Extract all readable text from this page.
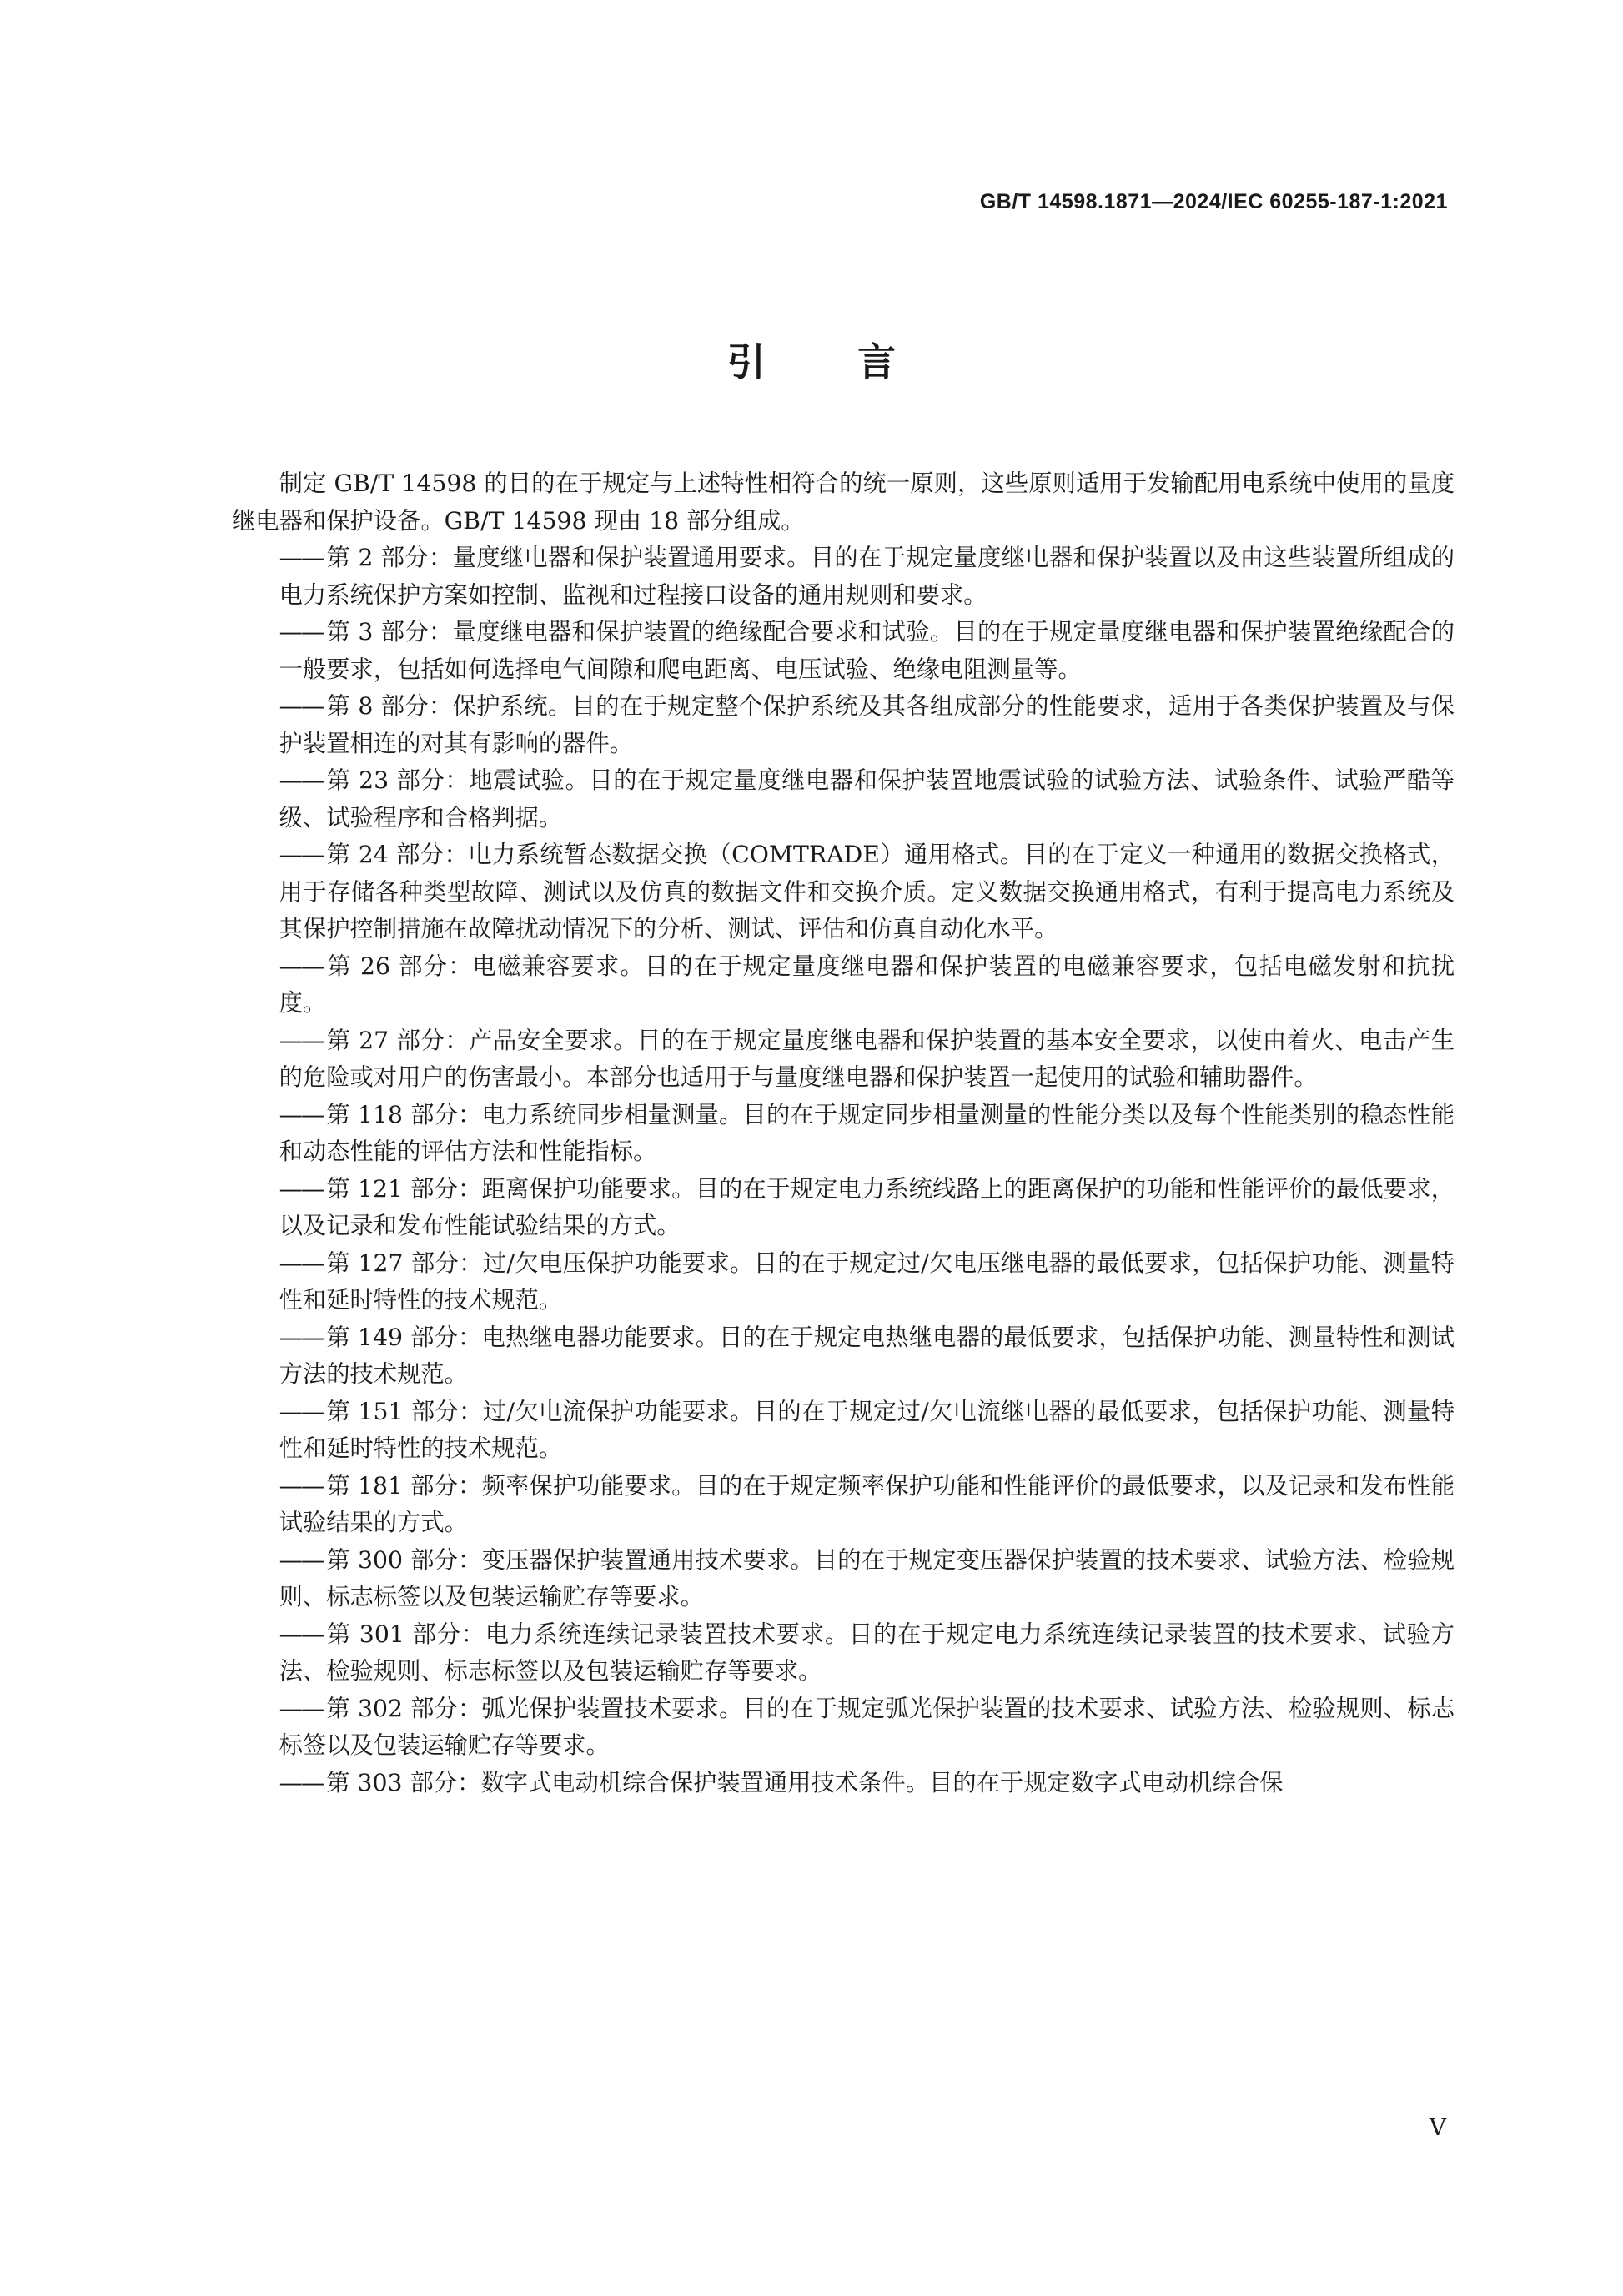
GB/T 14598.1871—2024/IEC 60255-187-1:2021
引言

制定 GB/T 14598 的目的在于规定与上述特性相符合的统一原则，这些原则适用于发输配用电系统中使用的量度继电器和保护设备。GB/T 14598 现由 18 部分组成。

—— 第 2 部分：量度继电器和保护装置通用要求。目的在于规定量度继电器和保护装置以及由这些装置所组成的电力系统保护方案如控制、监视和过程接口设备的通用规则和要求。
—— 第 3 部分：量度继电器和保护装置的绝缘配合要求和试验。目的在于规定量度继电器和保护装置绝缘配合的一般要求，包括如何选择电气间隙和爬电距离、电压试验、绝缘电阻测量等。
—— 第 8 部分：保护系统。目的在于规定整个保护系统及其各组成部分的性能要求，适用于各类保护装置及与保护装置相连的对其有影响的器件。
—— 第 23 部分：地震试验。目的在于规定量度继电器和保护装置地震试验的试验方法、试验条件、试验严酷等级、试验程序和合格判据。
—— 第 24 部分：电力系统暂态数据交换（COMTRADE）通用格式。目的在于定义一种通用的数据交换格式，用于存储各种类型故障、测试以及仿真的数据文件和交换介质。定义数据交换通用格式，有利于提高电力系统及其保护控制措施在故障扰动情况下的分析、测试、评估和仿真自动化水平。
—— 第 26 部分：电磁兼容要求。目的在于规定量度继电器和保护装置的电磁兼容要求，包括电磁发射和抗扰度。
—— 第 27 部分：产品安全要求。目的在于规定量度继电器和保护装置的基本安全要求，以使由着火、电击产生的危险或对用户的伤害最小。本部分也适用于与量度继电器和保护装置一起使用的试验和辅助器件。
—— 第 118 部分：电力系统同步相量测量。目的在于规定同步相量测量的性能分类以及每个性能类别的稳态性能和动态性能的评估方法和性能指标。
—— 第 121 部分：距离保护功能要求。目的在于规定电力系统线路上的距离保护的功能和性能评价的最低要求，以及记录和发布性能试验结果的方式。
—— 第 127 部分：过/欠电压保护功能要求。目的在于规定过/欠电压继电器的最低要求，包括保护功能、测量特性和延时特性的技术规范。
—— 第 149 部分：电热继电器功能要求。目的在于规定电热继电器的最低要求，包括保护功能、测量特性和测试方法的技术规范。
—— 第 151 部分：过/欠电流保护功能要求。目的在于规定过/欠电流继电器的最低要求，包括保护功能、测量特性和延时特性的技术规范。
—— 第 181 部分：频率保护功能要求。目的在于规定频率保护功能和性能评价的最低要求，以及记录和发布性能试验结果的方式。
—— 第 300 部分：变压器保护装置通用技术要求。目的在于规定变压器保护装置的技术要求、试验方法、检验规则、标志标签以及包装运输贮存等要求。
—— 第 301 部分：电力系统连续记录装置技术要求。目的在于规定电力系统连续记录装置的技术要求、试验方法、检验规则、标志标签以及包装运输贮存等要求。
—— 第 302 部分：弧光保护装置技术要求。目的在于规定弧光保护装置的技术要求、试验方法、检验规则、标志标签以及包装运输贮存等要求。
—— 第 303 部分：数字式电动机综合保护装置通用技术条件。目的在于规定数字式电动机综合保
V
